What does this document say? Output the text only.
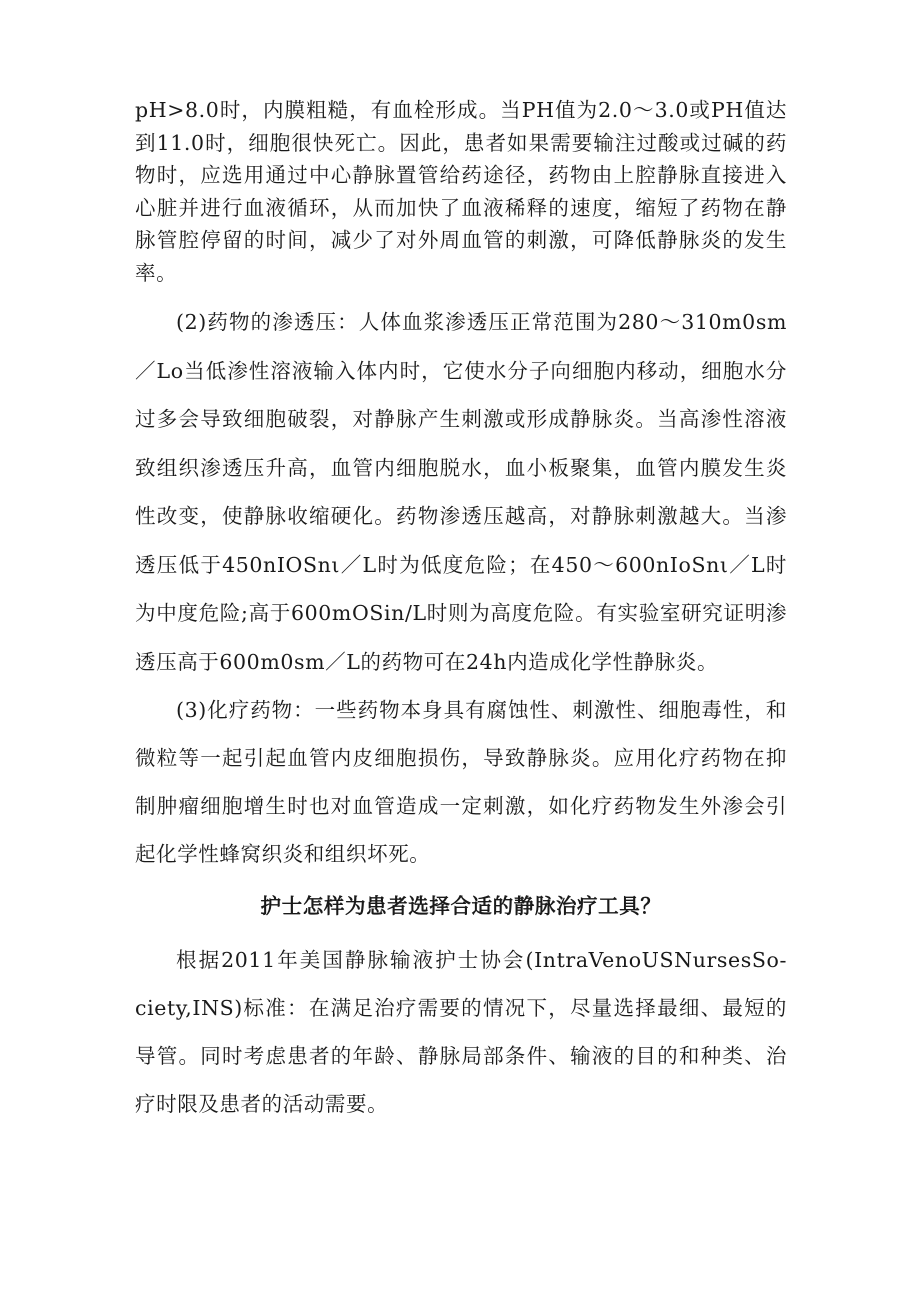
pH>8.0时，内膜粗糙，有血栓形成。当PH值为2.0～3.0或PH值达到11.0时，细胞很快死亡。因此，患者如果需要输注过酸或过碱的药物时，应选用通过中心静脉置管给药途径，药物由上腔静脉直接进入心脏并进行血液循环，从而加快了血液稀释的速度，缩短了药物在静脉管腔停留的时间，减少了对外周血管的刺激，可降低静脉炎的发生率。

(2)药物的渗透压：人体血浆渗透压正常范围为280～310m0sm／Lo当低渗性溶液输入体内时，它使水分子向细胞内移动，细胞水分过多会导致细胞破裂，对静脉产生刺激或形成静脉炎。当高渗性溶液致组织渗透压升高，血管内细胞脱水，血小板聚集，血管内膜发生炎性改变，使静脉收缩硬化。药物渗透压越高，对静脉刺激越大。当渗透压低于450nIOSnι／L时为低度危险；在450～600nIoSnι／L时为中度危险;高于600mOSin/L时则为高度危险。有实验室研究证明渗透压高于600m0sm／L的药物可在24h内造成化学性静脉炎。

(3)化疗药物：一些药物本身具有腐蚀性、刺激性、细胞毒性，和微粒等一起引起血管内皮细胞损伤，导致静脉炎。应用化疗药物在抑制肿瘤细胞增生时也对血管造成一定刺激，如化疗药物发生外渗会引起化学性蜂窝织炎和组织坏死。

护士怎样为患者选择合适的静脉治疗工具？

根据2011年美国静脉输液护士协会(IntraVenoUSNursesSo-ciety,INS)标准：在满足治疗需要的情况下，尽量选择最细、最短的导管。同时考虑患者的年龄、静脉局部条件、输液的目的和种类、治疗时限及患者的活动需要。
